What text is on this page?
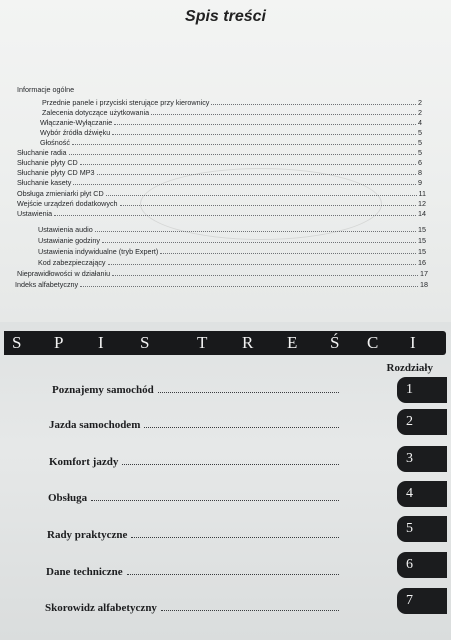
Spis treści
Informacje ogólne
Przednie panele i przyciski sterujące przy kierownicy	2
Zalecenia dotyczące użytkowania	2
Włączanie-Wyłączanie	4
Wybór źródła dźwięku	5
Głośność	5
Słuchanie radia	5
Słuchanie płyty CD	6
Słuchanie płyty CD MP3	8
Słuchanie kasety	9
Obsługa zmieniarki płyt CD	11
Wejście urządzeń dodatkowych	12
Ustawienia	14
Ustawienia audio	15
Ustawianie godziny	15
Ustawienia indywidualne (tryb Expert)	15
Kod zabezpieczający	16
Nieprawidłowości w działaniu	17
Indeks alfabetyczny	18
S P I S	T R E Ś C I
Rozdziały
Poznajemy samochód	1
Jazda samochodem	2
Komfort jazdy	3
Obsługa	4
Rady praktyczne	5
Dane techniczne	6
Skorowidz alfabetyczny	7
